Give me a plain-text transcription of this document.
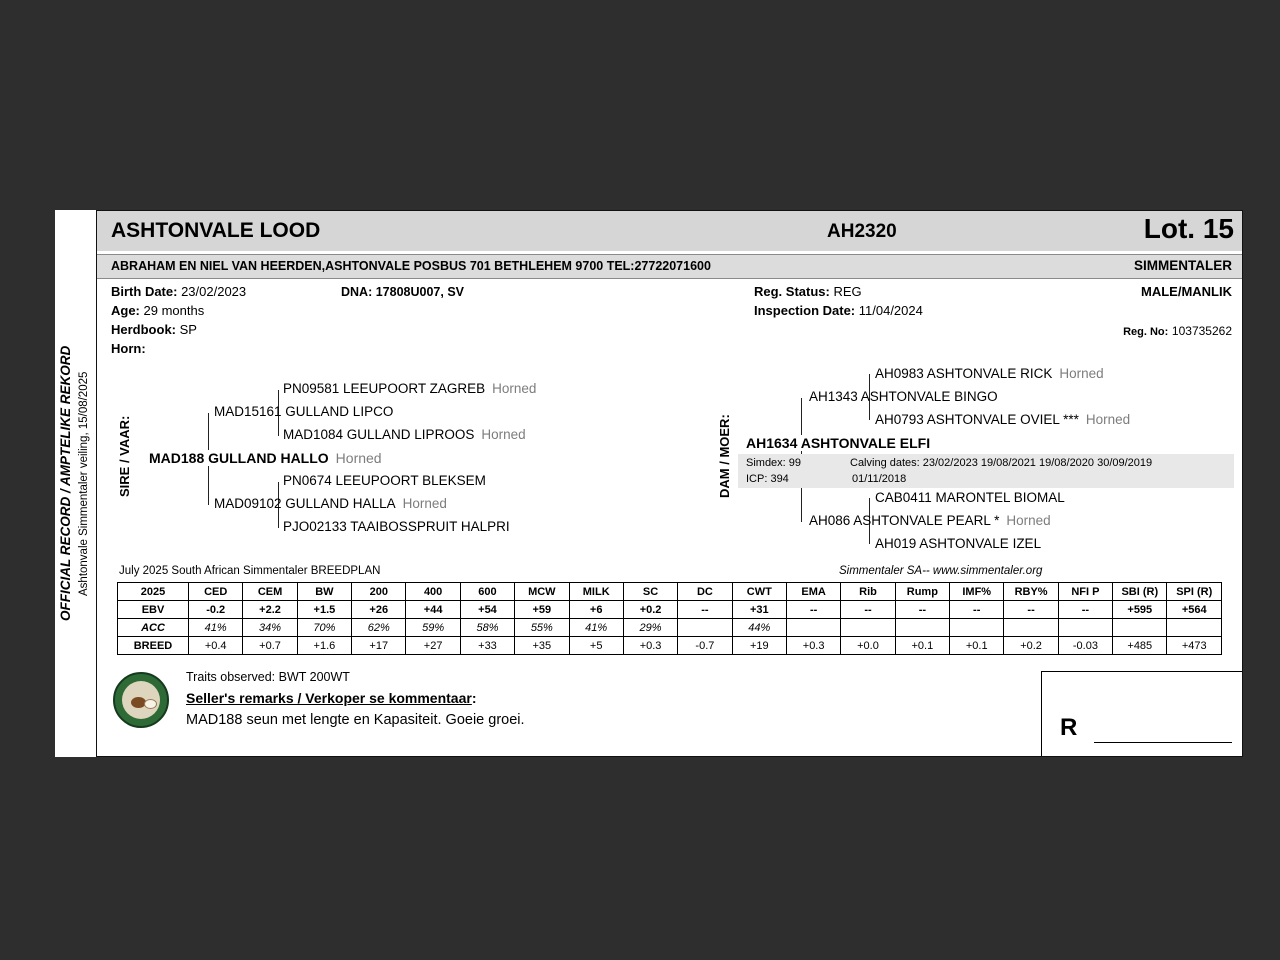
OFFICIAL RECORD / AMPTELIKE REKORD Ashtonvale Simmentaler veiling, 15/08/2025
ASHTONVALE LOOD	AH2320	Lot. 15
ABRAHAM EN NIEL VAN HEERDEN,ASHTONVALE POSBUS 701 BETHLEHEM 9700 TEL:27722071600	SIMMENTALER
Birth Date: 23/02/2023	DNA: 17808U007, SV	Reg. Status: REG	MALE/MANLIK
Age: 29 months	Inspection Date: 11/04/2024
Herdbook: SP	Reg. No: 103735262
Horn:
SIRE / VAAR:
PN09581 LEEUPOORT ZAGREB Horned
MAD15161 GULLAND LIPCO
MAD1084 GULLAND LIPROOS Horned
MAD188 GULLAND HALLO Horned
PN0674 LEEUPOORT BLEKSEM
MAD09102 GULLAND HALLA Horned
PJO02133 TAAIBOSSPRUIT HALPRI
DAM / MOER:
AH0983 ASHTONVALE RICK Horned
AH1343 ASHTONVALE BINGO
AH0793 ASHTONVALE OVIEL *** Horned
AH1634 ASHTONVALE ELFI
Simdex: 99	Calving dates: 23/02/2023 19/08/2021 19/08/2020 30/09/2019
ICP: 394	01/11/2018
CAB0411 MARONTEL BIOMAL
AH086 ASHTONVALE PEARL * Horned
AH019 ASHTONVALE IZEL
July 2025 South African Simmentaler BREEDPLAN	Simmentaler SA-- www.simmentaler.org
2025	CED	CEM	BW	200	400	600	MCW	MILK	SC	DC	CWT	EMA	Rib	Rump	IMF%	RBY%	NFI P	SBI (R)	SPI (R)
EBV	-0.2	+2.2	+1.5	+26	+44	+54	+59	+6	+0.2	--	+31	--	--	--	--	--	--	+595	+564
ACC	41%	34%	70%	62%	59%	58%	55%	41%	29%		44%								
BREED	+0.4	+0.7	+1.6	+17	+27	+33	+35	+5	+0.3	-0.7	+19	+0.3	+0.0	+0.1	+0.1	+0.2	-0.03	+485	+473
Traits observed: BWT 200WT
Seller's remarks / Verkoper se kommentaar:
MAD188 seun met lengte en Kapasiteit. Goeie groei.	R
